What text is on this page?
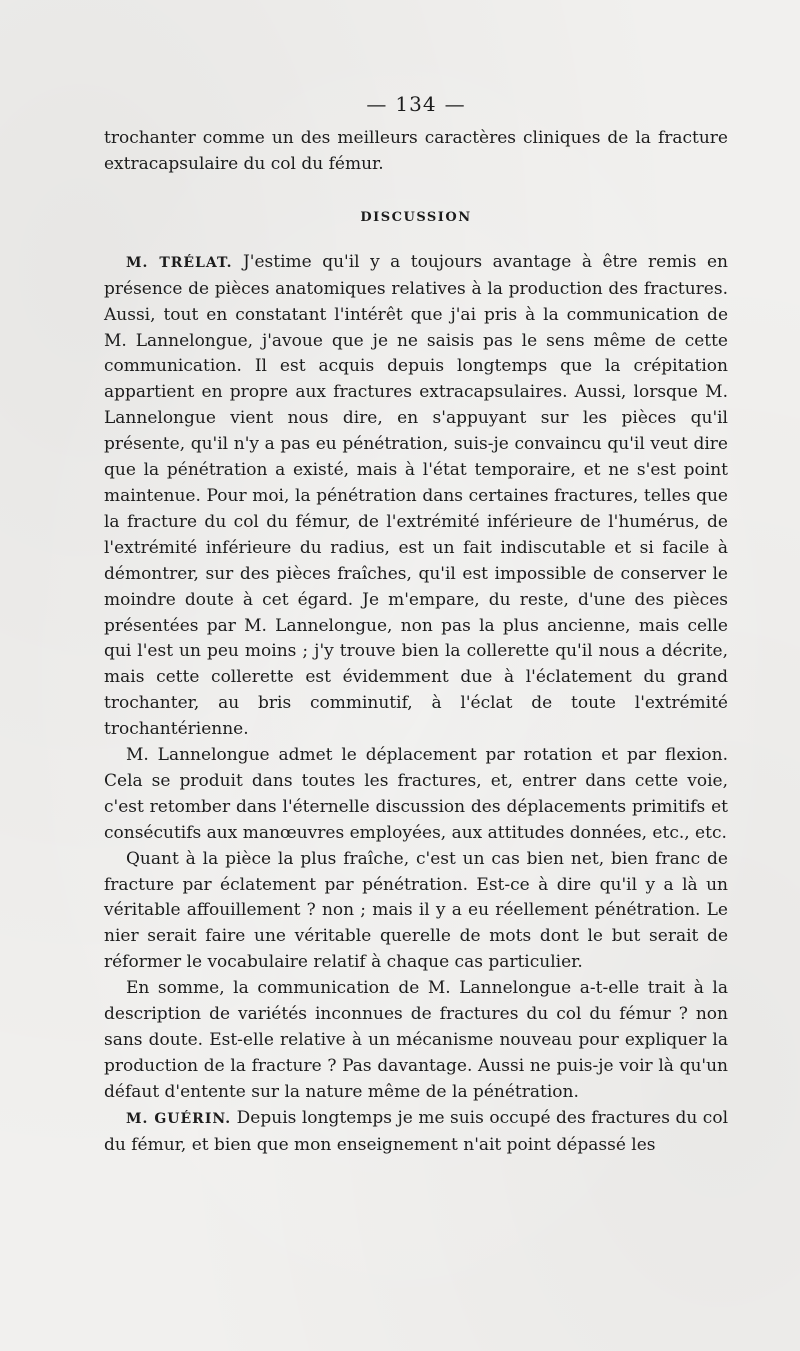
— 134 —

trochanter comme un des meilleurs caractères cliniques de la fracture extracapsulaire du col du fémur.

DISCUSSION

M. TRÉLAT. J'estime qu'il y a toujours avantage à être remis en présence de pièces anatomiques relatives à la production des fractures. Aussi, tout en constatant l'intérêt que j'ai pris à la communication de M. Lannelongue, j'avoue que je ne saisis pas le sens même de cette communication. Il est acquis depuis longtemps que la crépitation appartient en propre aux fractures extracapsulaires. Aussi, lorsque M. Lannelongue vient nous dire, en s'appuyant sur les pièces qu'il présente, qu'il n'y a pas eu pénétration, suis-je convaincu qu'il veut dire que la pénétration a existé, mais à l'état temporaire, et ne s'est point maintenue. Pour moi, la pénétration dans certaines fractures, telles que la fracture du col du fémur, de l'extrémité inférieure de l'humérus, de l'extrémité inférieure du radius, est un fait indiscutable et si facile à démontrer, sur des pièces fraîches, qu'il est impossible de conserver le moindre doute à cet égard. Je m'empare, du reste, d'une des pièces présentées par M. Lannelongue, non pas la plus ancienne, mais celle qui l'est un peu moins ; j'y trouve bien la collerette qu'il nous a décrite, mais cette collerette est évidemment due à l'éclatement du grand trochanter, au bris comminutif, à l'éclat de toute l'extrémité trochantérienne.

M. Lannelongue admet le déplacement par rotation et par flexion. Cela se produit dans toutes les fractures, et, entrer dans cette voie, c'est retomber dans l'éternelle discussion des déplacements primitifs et consécutifs aux manœuvres employées, aux attitudes données, etc., etc.

Quant à la pièce la plus fraîche, c'est un cas bien net, bien franc de fracture par éclatement par pénétration. Est-ce à dire qu'il y a là un véritable affouillement ? non ; mais il y a eu réellement pénétration. Le nier serait faire une véritable querelle de mots dont le but serait de réformer le vocabulaire relatif à chaque cas particulier.

En somme, la communication de M. Lannelongue a-t-elle trait à la description de variétés inconnues de fractures du col du fémur ? non sans doute. Est-elle relative à un mécanisme nouveau pour expliquer la production de la fracture ? Pas davantage. Aussi ne puis-je voir là qu'un défaut d'entente sur la nature même de la pénétration.

M. GUÉRIN. Depuis longtemps je me suis occupé des fractures du col du fémur, et bien que mon enseignement n'ait point dépassé les
